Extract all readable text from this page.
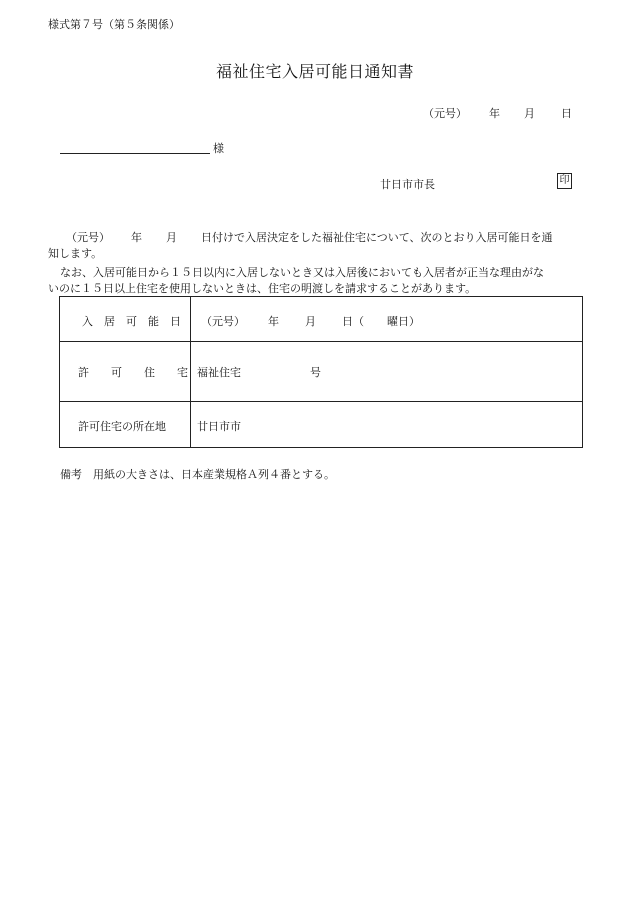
様式第７号（第５条関係）
福祉住宅入居可能日通知書
（元号） 年 月 日
様
廿日市市長	印
（元号） 年 月 日付けで入居決定をした福祉住宅について、次のとおり入居可能日を通
知します。
なお、入居可能日から１５日以内に入居しないとき又は入居後においても入居者が正当な理由がな
いのに１５日以上住宅を使用しないときは、住宅の明渡しを請求することがあります。
入　居　可　能　日 （元号） 年 月 日（ 曜日）
許　　可　　住　　宅 福祉住宅	号
許可住宅の所在地	廿日市市
備考　用紙の大きさは、日本産業規格Ａ列４番とする。
